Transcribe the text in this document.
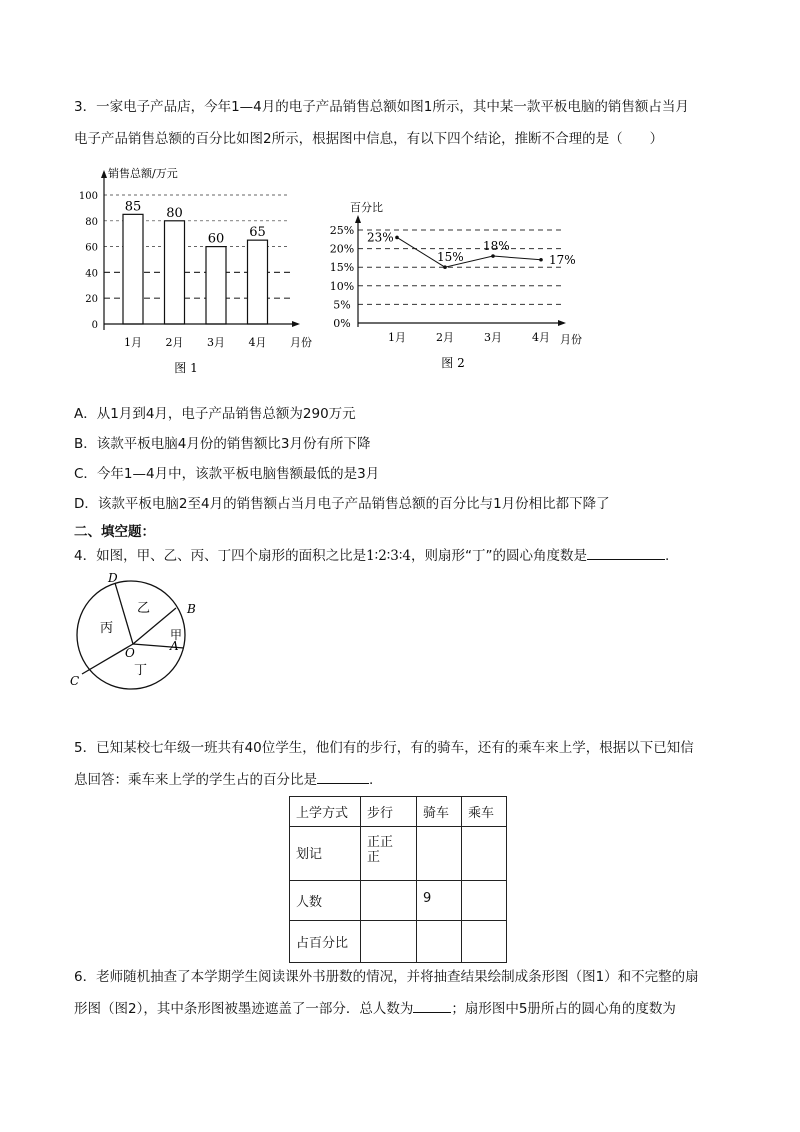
3．一家电子产品店，今年1—4月的电子产品销售总额如图1所示，其中某一款平板电脑的销售额占当月
电子产品销售总额的百分比如图2所示，根据图中信息，有以下四个结论，推断不合理的是（　　）
0
20
40
60
80
100
85
1月
80
2月
60
3月
65
4月
销售总额/万元
月份
图 1
0%
5%
10%
15%
20%
25% 23%
1月
15%
2月
18%
3月
17%
4月
百分比
月份
图 2
A．从1月到4月，电子产品销售总额为290万元
B．该款平板电脑4月份的销售额比3月份有所下降
C．今年1—4月中，该款平板电脑售额最低的是3月
D．该款平板电脑2至4月的销售额占当月电子产品销售总额的百分比与1月份相比都下降了
二、填空题：
4．如图，甲、乙、丙、丁四个扇形的面积之比是1∶2∶3∶4，则扇形“丁”的圆心角度数是	.
D
B
A
C
O
乙
丙	甲
丁
5．已知某校七年级一班共有40位学生，他们有的步行，有的骑车，还有的乘车来上学，根据以下已知信
息回答：乘车来上学的学生占的百分比是	.
上学方式	步行	骑车	乘车
划记	正正
正		
人数		9	
占百分比			
6．老师随机抽查了本学期学生阅读课外书册数的情况，并将抽查结果绘制成条形图（图1）和不完整的扇
形图（图2），其中条形图被墨迹遮盖了一部分．总人数为	；扇形图中5册所占的圆心角的度数为
